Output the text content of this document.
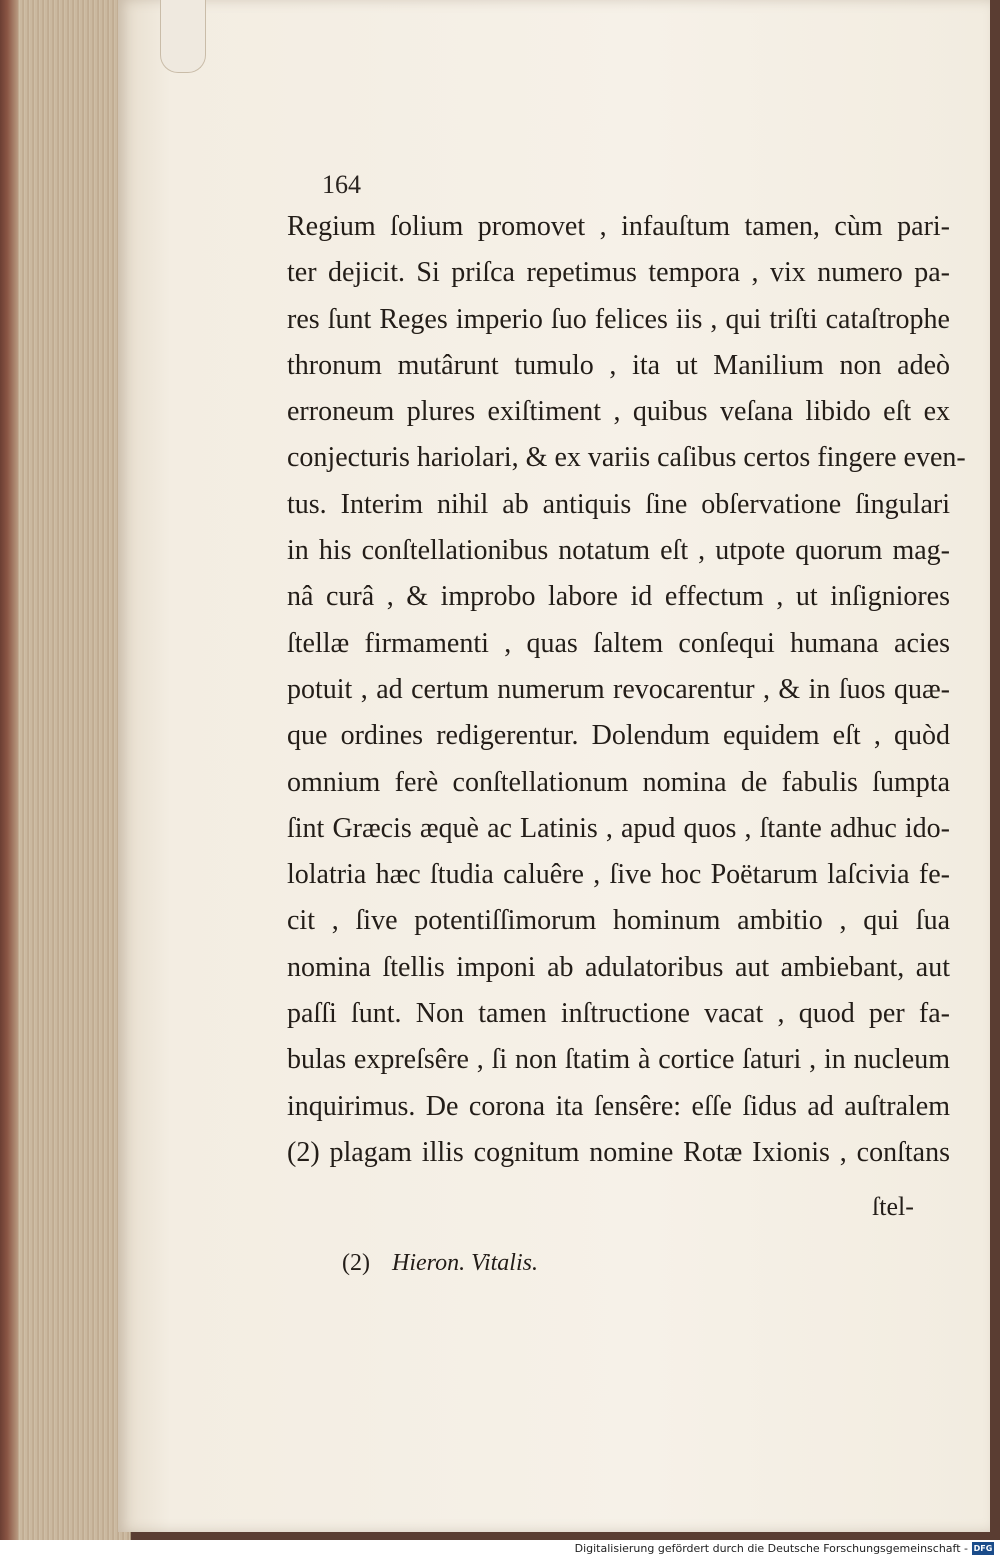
164
Regium ſolium promovet , infauſtum tamen, cùm pari-
ter dejicit. Si priſca repetimus tempora , vix numero pa-
res ſunt Reges imperio ſuo felices iis , qui triſti cataſtrophe
thronum mutârunt tumulo , ita ut Manilium non adeò
erroneum plures exiſtiment , quibus veſana libido eſt ex
conjecturis hariolari, & ex variis caſibus certos fingere even-
tus. Interim nihil ab antiquis ſine obſervatione ſingulari
in his conſtellationibus notatum eſt , utpote quorum mag-
nâ curâ , & improbo labore id effectum , ut inſigniores
ſtellæ firmamenti , quas ſaltem conſequi humana acies
potuit , ad certum numerum revocarentur , & in ſuos quæ-
que ordines redigerentur. Dolendum equidem eſt , quòd
omnium ferè conſtellationum nomina de fabulis ſumpta
ſint Græcis æquè ac Latinis , apud quos , ſtante adhuc ido-
lolatria hæc ſtudia caluêre , ſive hoc Poëtarum laſcivia fe-
cit , ſive potentiſſimorum hominum ambitio , qui ſua
nomina ſtellis imponi ab adulatoribus aut ambiebant, aut
paſſi ſunt. Non tamen inſtructione vacat , quod per fa-
bulas expreſsêre , ſi non ſtatim à cortice ſaturi , in nucleum
inquirimus. De corona ita ſensêre: eſſe ſidus ad auſtralem
(2) plagam illis cognitum nomine Rotæ Ixionis , conſtans
ſtel-
(2) Hieron. Vitalis.
Digitalisierung gefördert durch die Deutsche Forschungsgemeinschaft - DFG
